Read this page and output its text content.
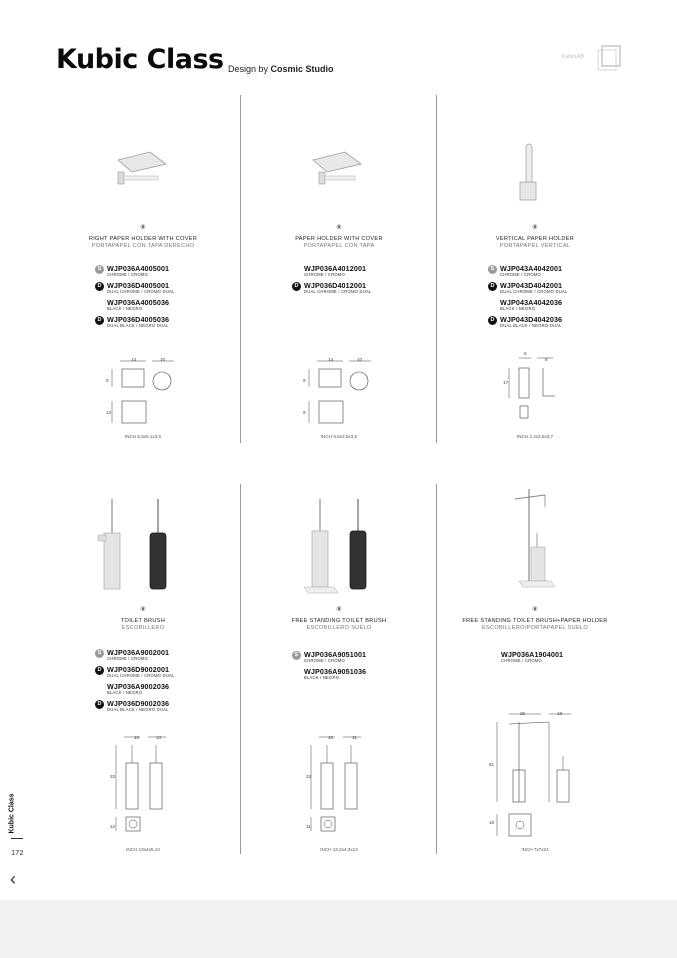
Kubic Class Design by Cosmic Studio
KubicLAB
⑧
RIGHT PAPER HOLDER WITH COVER
PORTAPAPEL CON TAPA DERECHO
S WJP036A4005001
CHROME / CROMO
D WJP036D4005001
DUAL CHROME / CROMO DUAL
WJP036A4005036
BLACK / NEGRO
D WJP036D4005036
DUAL BLACK / NEGRO DUAL
14	10
9
13
INCH 5,5x5,1x3,5
⑧
PAPER HOLDER WITH COVER
PORTAPAPEL CON TAPA
WJP036A4012001
CHROME / CROMO
D WJP036D4012001
DUAL CHROME / CROMO DUAL
14	10
9
9
INCH 5,5x3,5x3,5
⑧
VERTICAL PAPER HOLDER
PORTAPAPEL VERTICAL
S WJP043A4042001
CHROME / CROMO
D WJP043D4042001
DUAL CHROME / CROMO DUAL
WJP043A4042036
BLACK / NEGRO
D WJP043D4042036
DUAL BLACK / NEGRO DUAL
6
8
17
INCH 2,4x3,5x6,7
⑧
TOILET BRUSH
ESCOBILLERO
S WJP036A9002001
CHROME / CROMO
D WJP036D9002001
DUAL CHROME / CROMO DUAL
WJP036A9002036
BLACK / NEGRO
D WJP036D9002036
DUAL BLACK / NEGRO DUAL
10	13
33
12
INCH 13x4x5,13
⑧
FREE STANDING TOILET BRUSH
ESCOBILLERO SUELO
S WJP036A9051001
CHROME / CROMO
WJP036A9051036
BLACK / NEGRO
10	11
33
11
INCH 13,2x4,3x13
⑧
FREE STANDING TOILET BRUSH+PAPER HOLDER
ESCOBILLERO/PORTAPAPEL SUELO
WJP036A1904001
CHROME / CROMO
26	18
61
18
INCH 7x7x24
Kubic Class
172
‹
